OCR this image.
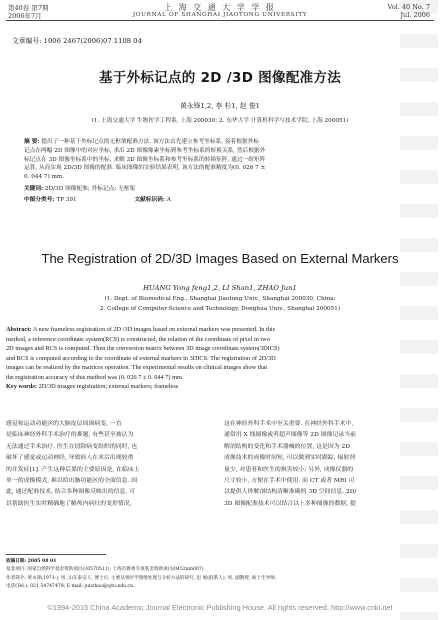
第40卷 第7期
2006年7月
上 海 交 通 大 学 学 报
JOURNAL OF SHANGHAI JIAOTONG UNIVERSITY
Vol. 40 No. 7
Jul. 2006
文章编号: 1006 2467(2006)07 1108 04
基于外标记点的 2D /3D 图像配准方法
黄永锋1,2, 李 杉1, 赵 俊1
(1. 上海交通大学 生物医学工程系, 上海 200030; 2. 东华大学 计算机科学与技术学院, 上海 200051)

摘 要: 提出了一种基于外标记点的无框架配准方法. 该方法首先建立参考坐标系, 接着根据外标

记点在两幅 2D 图像中的对应坐标, 求出 2D 图像像素坐标到参考坐标系的转换关系, 然后根据外

标记点在 3D 图像坐标系中的坐标, 求解 3D 图像坐标系和参考坐标系的转换矩阵, 通过一组矩阵

运算, 从而实现 2D/3D 图像的配准. 临床图像的实验结果表明, 该方法的配准精度为(0. 026 7 ±

0. 044 7) mm.

关键词: 2D/3D 图像配准; 外标记点; 无框架
中图分类号: TP 391	文献标识码: A
The Registration of 2D/3D Images Based on External Markers
HUANG Yong feng1,2, LI Shan1, ZHAO Jun1
(1. Dept. of Biomedical Eng., Shanghai Jiaotong Univ., Shanghai 200030, China;
2. College of Computer Science and Technology, Donghua Univ., Shanghai 200051)

Abstract: A new frameless registration of 2D /3D images based on external markers was presented. In this

method, a reference coordinate system(RCS) is constructed, the relation of the coordinate of pixel in two

2D images and RCS is computed. Then the conversion matrix between 3D image coordinate system(3DICS)

and RCS is computed according to the coordinate of external markers in 3DICS. The registration of 2D/3D

images can be realized by the matrices operation. The experimental results on clinical images show that

the registration accuracy of this method was (0. 026 7 ± 0. 044 7) mm.

Key words: 2D/3D images registration; external markers; frameless

感觉和运动功能区的大脑皮层周围病变, 一直

是临床神经外科手术治疗的难题, 有些甚至被认为

无法通过手术治疗. 医生在切除病变组织的同时, 也

破坏了感觉或运动神经, 导致病人在术后出现较重

的并发症[1]. 产生这种后果的主要原因是, 在临床上

单一的成像模式, 难以给出脑功能区的全面信息. 因

此, 通过配准技术, 结合多种图像反映出的信息, 可

以帮助医生实时精确地了解颅内病灶的变形情况,

这在神经外科手术中至关重要. 在神经外科手术中,

通常用 X 线图像或者超声图像等 2D 图像记录当前

解剖结构的变化和手术器械的位置, 这是因为 2D

成像技术的成像时间短, 可以做到实时跟踪, 辐射剂

量少, 对患者和医生的损害较小; 另外, 成像仪器的

尺寸较小, 方便在手术中使用. 而 CT 或者 MRI 可

以提供人体解剖结构清晰准确的 3D 空间信息. 2D/

3D 图像配准技术可以结合以上多种图像的数据, 提

收稿日期: 2005 08 01

基金项目: 国家自然科学基金资助项目(30570511); 上海市教委专项基金资助项目(0452nm007)

作者简介: 黄永锋(1971-), 男, 山东泰安人, 博士后, 主要从事医学图像处理与分析方法的研究. 赵 俊(联系人), 男, 副教授, 硕士生导师,

电话(Tel.): 021 54747478; E mail: junzhao@sjtu.edu.cn.

©1994-2015 China Academic Journal Electronic Publishing House. All rights reserved. http://www.cnki.net
